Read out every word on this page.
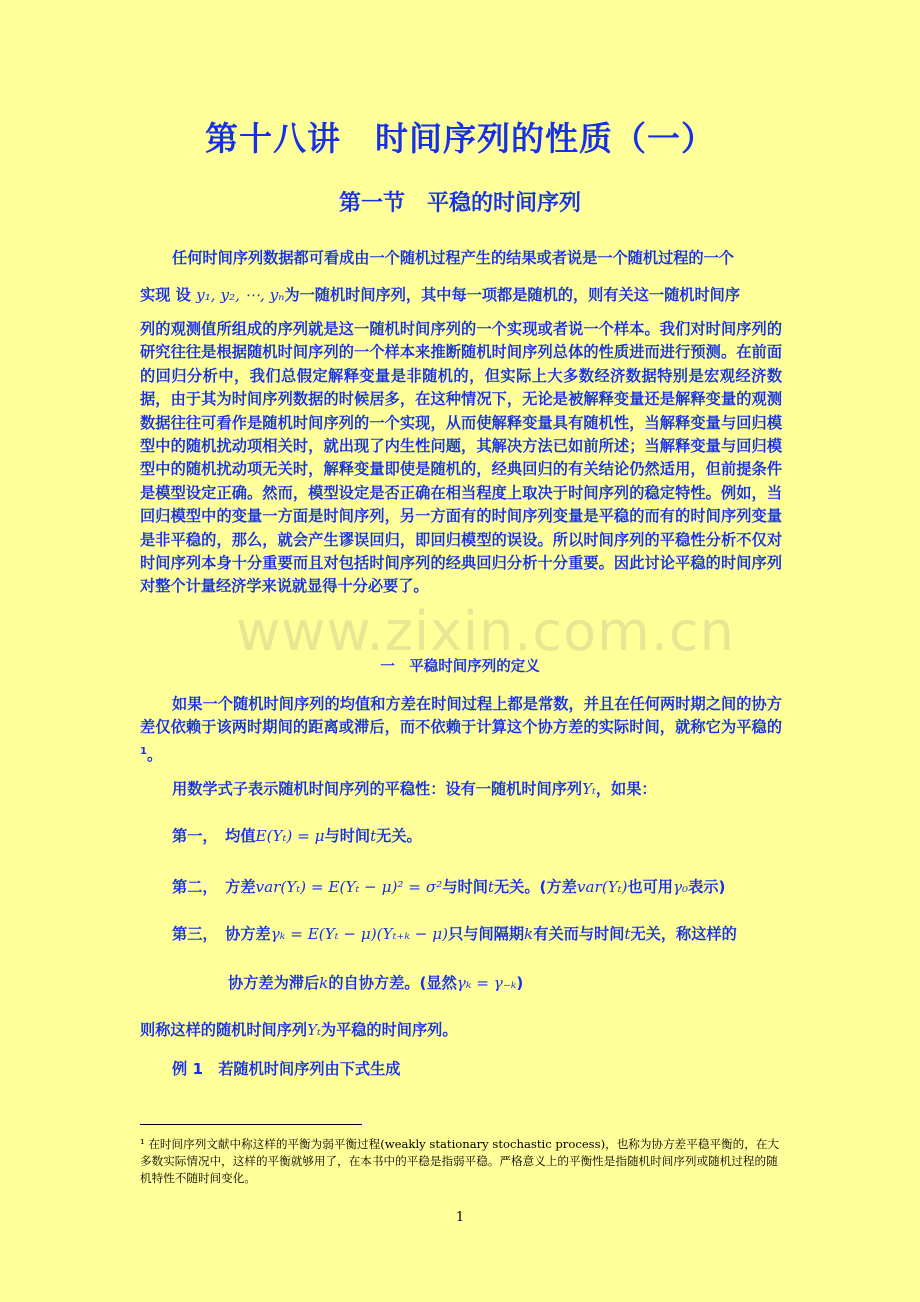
第十八讲　时间序列的性质（一）
第一节　平稳的时间序列
任何时间序列数据都可看成由一个随机过程产生的结果或者说是一个随机过程的一个
实现 设 y₁, y₂, ⋯, yₙ为一随机时间序列，其中每一项都是随机的，则有关这一随机时间序
列的观测值所组成的序列就是这一随机时间序列的一个实现或者说一个样本。我们对时间序列的研究往往是根据随机时间序列的一个样本来推断随机时间序列总体的性质进而进行预测。在前面的回归分析中，我们总假定解释变量是非随机的，但实际上大多数经济数据特别是宏观经济数据，由于其为时间序列数据的时候居多，在这种情况下，无论是被解释变量还是解释变量的观测数据往往可看作是随机时间序列的一个实现，从而使解释变量具有随机性，当解释变量与回归模型中的随机扰动项相关时，就出现了内生性问题，其解决方法已如前所述；当解释变量与回归模型中的随机扰动项无关时，解释变量即使是随机的，经典回归的有关结论仍然适用，但前提条件是模型设定正确。然而，模型设定是否正确在相当程度上取决于时间序列的稳定特性。例如，当回归模型中的变量一方面是时间序列，另一方面有的时间序列变量是平稳的而有的时间序列变量是非平稳的，那么，就会产生谬误回归，即回归模型的误设。所以时间序列的平稳性分析不仅对时间序列本身十分重要而且对包括时间序列的经典回归分析十分重要。因此讨论平稳的时间序列对整个计量经济学来说就显得十分必要了。
www.zixin.com.cn
一　平稳时间序列的定义
如果一个随机时间序列的均值和方差在时间过程上都是常数，并且在任何两时期之间的协方差仅依赖于该两时期间的距离或滞后，而不依赖于计算这个协方差的实际时间，就称它为平稳的$^1$。
用数学式子表示随机时间序列的平稳性：设有一随机时间序列Yₜ，如果：
第一，　 均值E(Yₜ) = μ与时间t无关。
第二，　 方差var(Yₜ) = E(Yₜ − μ)² = σ²与时间t无关。(方差var(Yₜ)也可用γ₀表示)
第三，　 协方差γₖ = E(Yₜ − μ)(Yₜ₊ₖ − μ)只与间隔期k有关而与时间t无关，称这样的
协方差为滞后k的自协方差。(显然γₖ = γ₋ₖ)
则称这样的随机时间序列Yₜ为平稳的时间序列。
例 1　若随机时间序列由下式生成
¹ 在时间序列文献中称这样的平衡为弱平衡过程(weakly stationary stochastic process)，也称为协方差平稳平衡的，在大多数实际情况中，这样的平衡就够用了，在本书中的平稳是指弱平稳。严格意义上的平衡性是指随机时间序列或随机过程的随机特性不随时间变化。
1
